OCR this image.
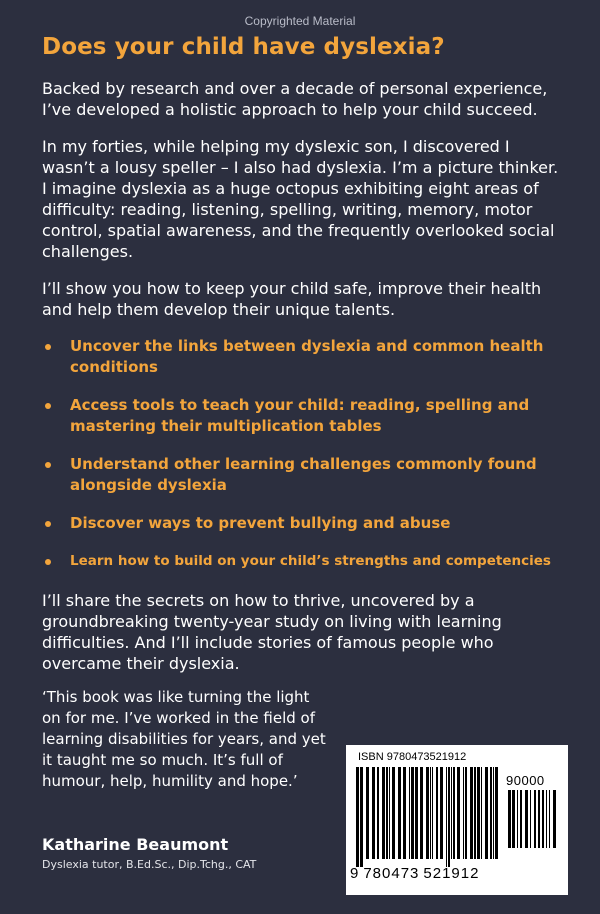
Copyrighted Material
Does your child have dyslexia?

Backed by research and over a decade of personal experience, I’ve developed a holistic approach to help your child succeed.

In my forties, while helping my dyslexic son, I discovered I wasn’t a lousy speller – I also had dyslexia. I’m a picture thinker. I imagine dyslexia as a huge octopus exhibiting eight areas of difficulty: reading, listening, spelling, writing, memory, motor control, spatial awareness, and the frequently overlooked social challenges.

I’ll show you how to keep your child safe, improve their health and help them develop their unique talents.

Uncover the links between dyslexia and common health conditions
Access tools to teach your child: reading, spelling and mastering their multiplication tables
Understand other learning challenges commonly found alongside dyslexia
Discover ways to prevent bullying and abuse
Learn how to build on your child’s strengths and competencies

I’ll share the secrets on how to thrive, uncovered by a groundbreaking twenty-year study on living with learning difficulties. And I’ll include stories of famous people who overcame their dyslexia.

‘This book was like turning the light on for me. I’ve worked in the field of learning disabilities for years, and yet it taught me so much. It’s full of humour, help, humility and hope.’
Katharine Beaumont
Dyslexia tutor, B.Ed.Sc., Dip.Tchg., CAT
ISBN 9780473521912
90000
9 780473 521912
